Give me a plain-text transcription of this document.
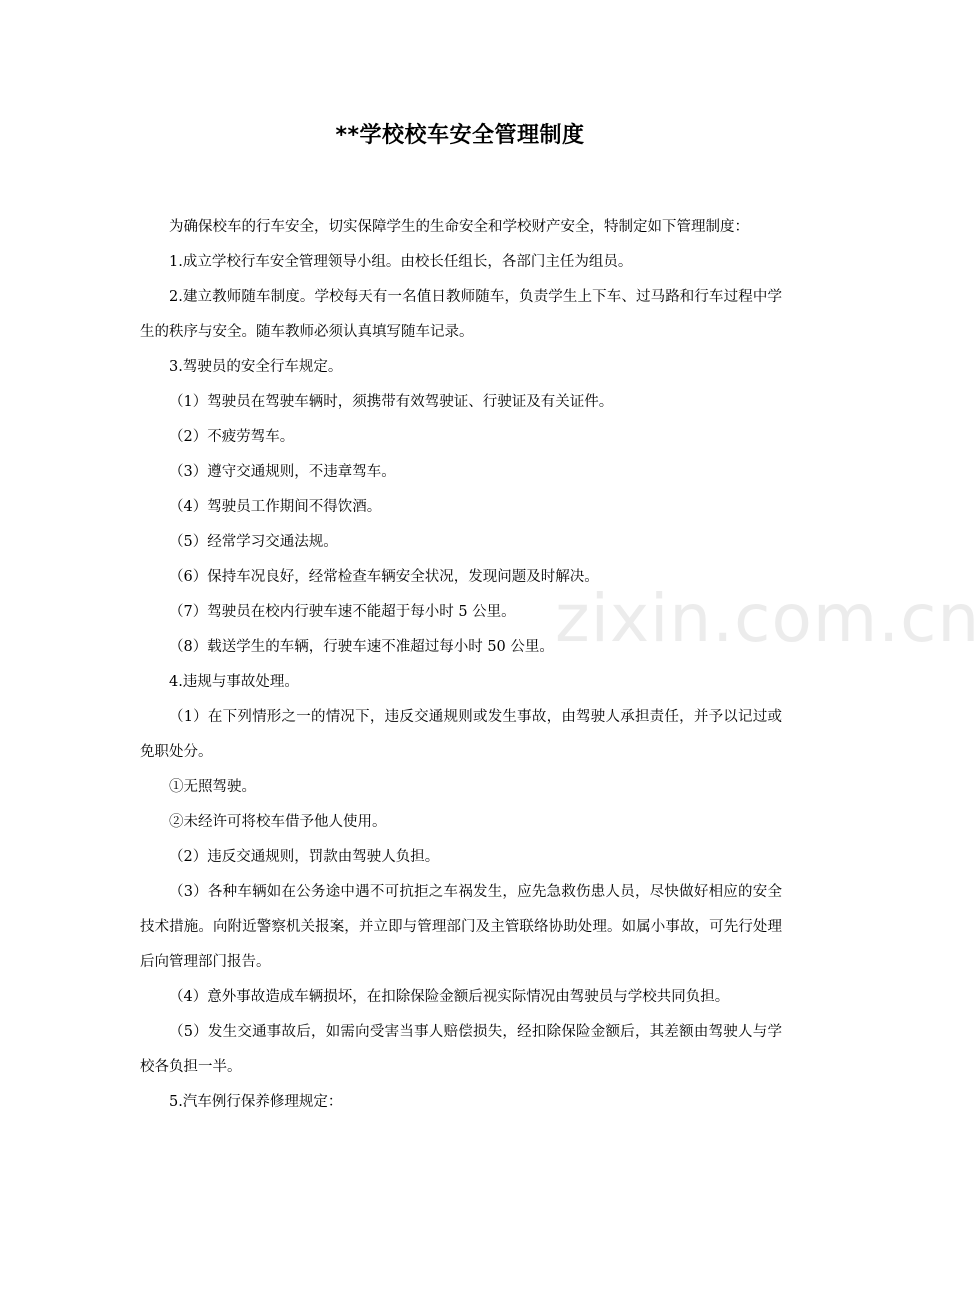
zixin.com.cn
**学校校车安全管理制度

为确保校车的行车安全，切实保障学生的生命安全和学校财产安全，特制定如下管理制度：

1.成立学校行车安全管理领导小组。由校长任组长，各部门主任为组员。

2.建立教师随车制度。学校每天有一名值日教师随车，负责学生上下车、过马路和行车过程中学生的秩序与安全。随车教师必须认真填写随车记录。

3.驾驶员的安全行车规定。

（1）驾驶员在驾驶车辆时，须携带有效驾驶证、行驶证及有关证件。

（2）不疲劳驾车。

（3）遵守交通规则，不违章驾车。

（4）驾驶员工作期间不得饮酒。

（5）经常学习交通法规。

（6）保持车况良好，经常检查车辆安全状况，发现问题及时解决。

（7）驾驶员在校内行驶车速不能超于每小时 5 公里。

（8）载送学生的车辆，行驶车速不准超过每小时 50 公里。

4.违规与事故处理。

（1）在下列情形之一的情况下，违反交通规则或发生事故，由驾驶人承担责任，并予以记过或免职处分。

①无照驾驶。

②未经许可将校车借予他人使用。

（2）违反交通规则，罚款由驾驶人负担。

（3）各种车辆如在公务途中遇不可抗拒之车祸发生，应先急救伤患人员，尽快做好相应的安全技术措施。向附近警察机关报案，并立即与管理部门及主管联络协助处理。如属小事故，可先行处理后向管理部门报告。

（4）意外事故造成车辆损坏，在扣除保险金额后视实际情况由驾驶员与学校共同负担。

（5）发生交通事故后，如需向受害当事人赔偿损失，经扣除保险金额后，其差额由驾驶人与学校各负担一半。

5.汽车例行保养修理规定：
